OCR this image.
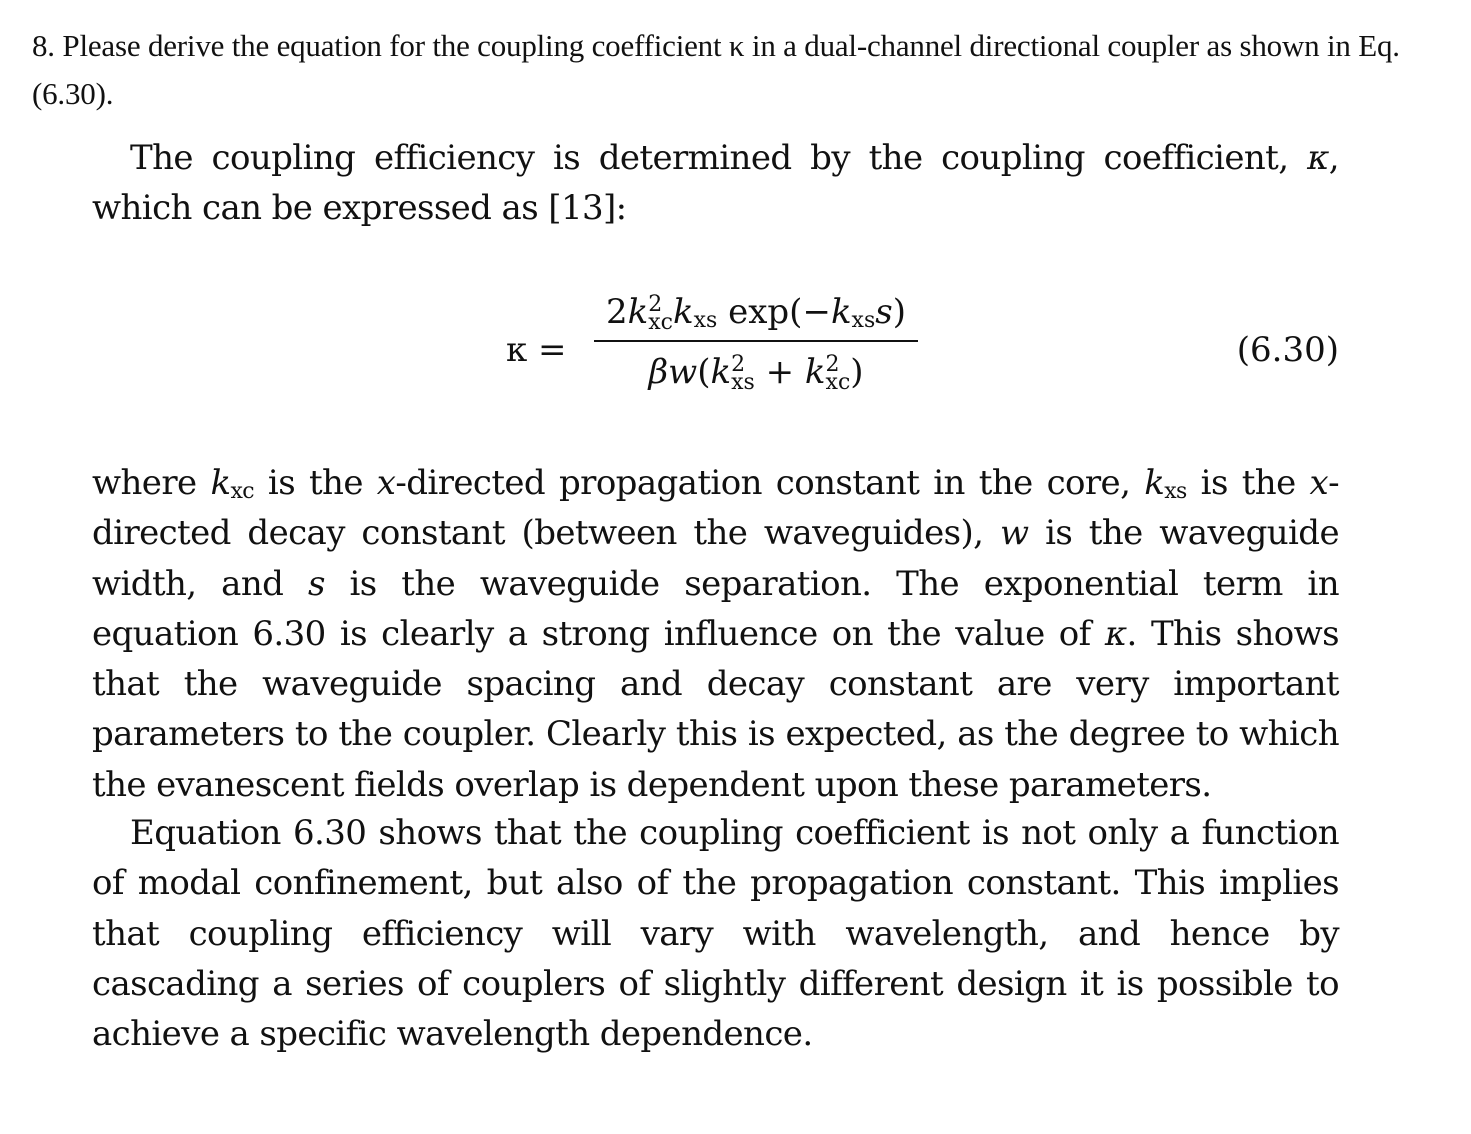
8. Please derive the equation for the coupling coefficient κ in a dual-channel directional coupler as shown in Eq. (6.30).

The coupling efficiency is determined by the coupling coefficient, κ, which can be expressed as [13]:

κ =
2k 2
xc $k_{xs}$ $\exp(-k_{xs}s)$
βw(k 2
xs + k 2
xc )
(6.30)

where $k_{xc}$ is the x-directed propagation constant in the core, $k_{xs}$ is the x-directed decay constant (between the waveguides), w is the waveguide width, and s is the waveguide separation. The exponential term in equation 6.30 is clearly a strong influence on the value of κ. This shows that the waveguide spacing and decay constant are very important parameters to the coupler. Clearly this is expected, as the degree to which the evanescent fields overlap is dependent upon these parameters.

Equation 6.30 shows that the coupling coefficient is not only a function of modal confinement, but also of the propagation constant. This implies that coupling efficiency will vary with wavelength, and hence by cascading a series of couplers of slightly different design it is possible to achieve a specific wavelength dependence.
